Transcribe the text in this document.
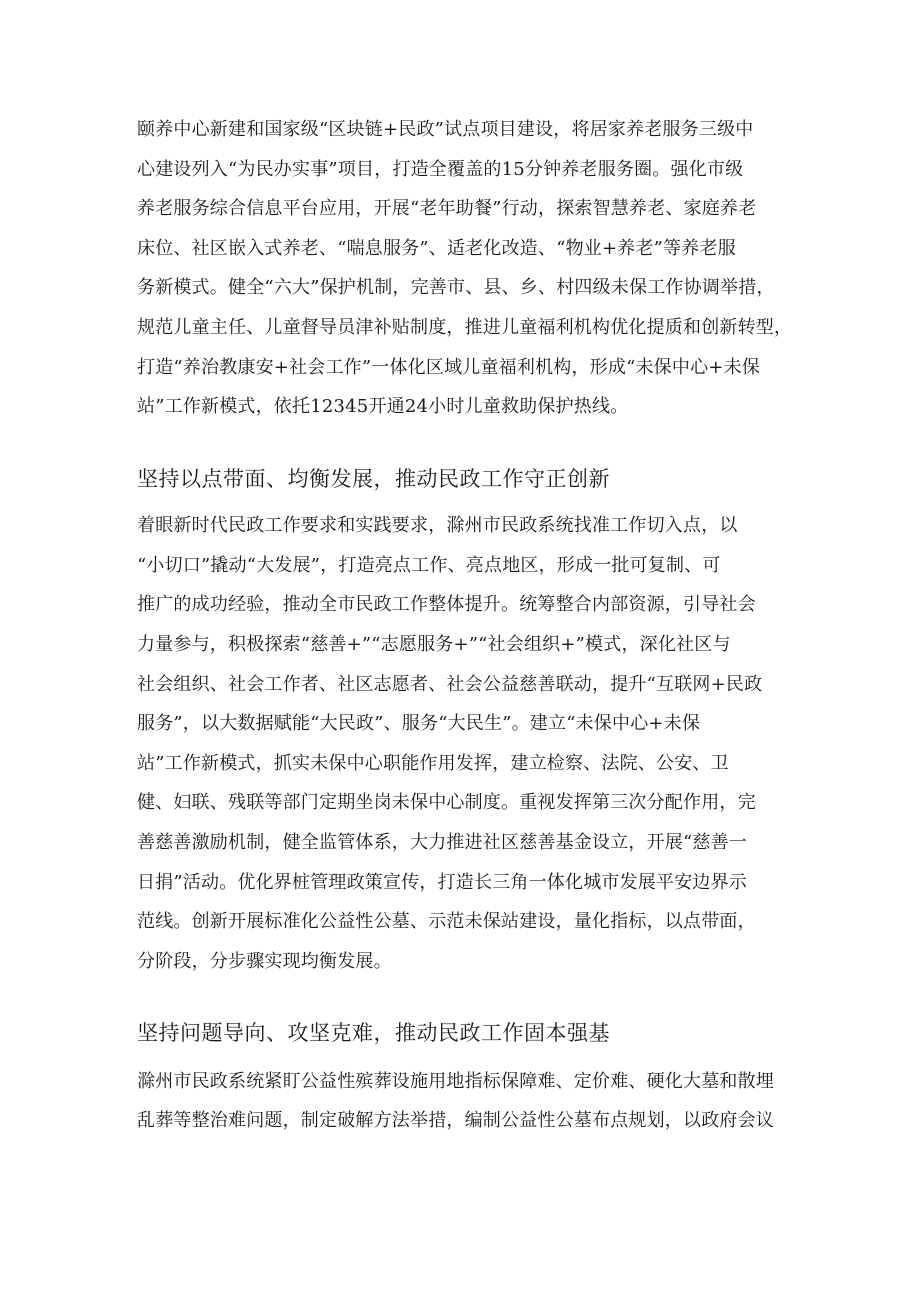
颐养中心新建和国家级“区块链+民政”试点项目建设，将居家养老服务三级中
心建设列入“为民办实事”项目，打造全覆盖的15分钟养老服务圈。强化市级
养老服务综合信息平台应用，开展“老年助餐”行动，探索智慧养老、家庭养老
床位、社区嵌入式养老、“喘息服务”、适老化改造、“物业+养老”等养老服
务新模式。健全“六大”保护机制，完善市、县、乡、村四级未保工作协调举措，
规范儿童主任、儿童督导员津补贴制度，推进儿童福利机构优化提质和创新转型，
打造“养治教康安+社会工作”一体化区域儿童福利机构，形成“未保中心+未保
站”工作新模式，依托12345开通24小时儿童救助保护热线。
坚持以点带面、均衡发展，推动民政工作守正创新
着眼新时代民政工作要求和实践要求，滁州市民政系统找准工作切入点，以
“小切口”撬动“大发展”，打造亮点工作、亮点地区，形成一批可复制、可
推广的成功经验，推动全市民政工作整体提升。统筹整合内部资源，引导社会
力量参与，积极探索“慈善+”“志愿服务+”“社会组织+”模式，深化社区与
社会组织、社会工作者、社区志愿者、社会公益慈善联动，提升“互联网+民政
服务”，以大数据赋能“大民政”、服务“大民生”。建立“未保中心+未保
站”工作新模式，抓实未保中心职能作用发挥，建立检察、法院、公安、卫
健、妇联、残联等部门定期坐岗未保中心制度。重视发挥第三次分配作用，完
善慈善激励机制，健全监管体系，大力推进社区慈善基金设立，开展“慈善一
日捐”活动。优化界桩管理政策宣传，打造长三角一体化城市发展平安边界示
范线。创新开展标准化公益性公墓、示范未保站建设，量化指标，以点带面，
分阶段，分步骤实现均衡发展。
坚持问题导向、攻坚克难，推动民政工作固本强基
滁州市民政系统紧盯公益性殡葬设施用地指标保障难、定价难、硬化大墓和散埋
乱葬等整治难问题，制定破解方法举措，编制公益性公墓布点规划，以政府会议
